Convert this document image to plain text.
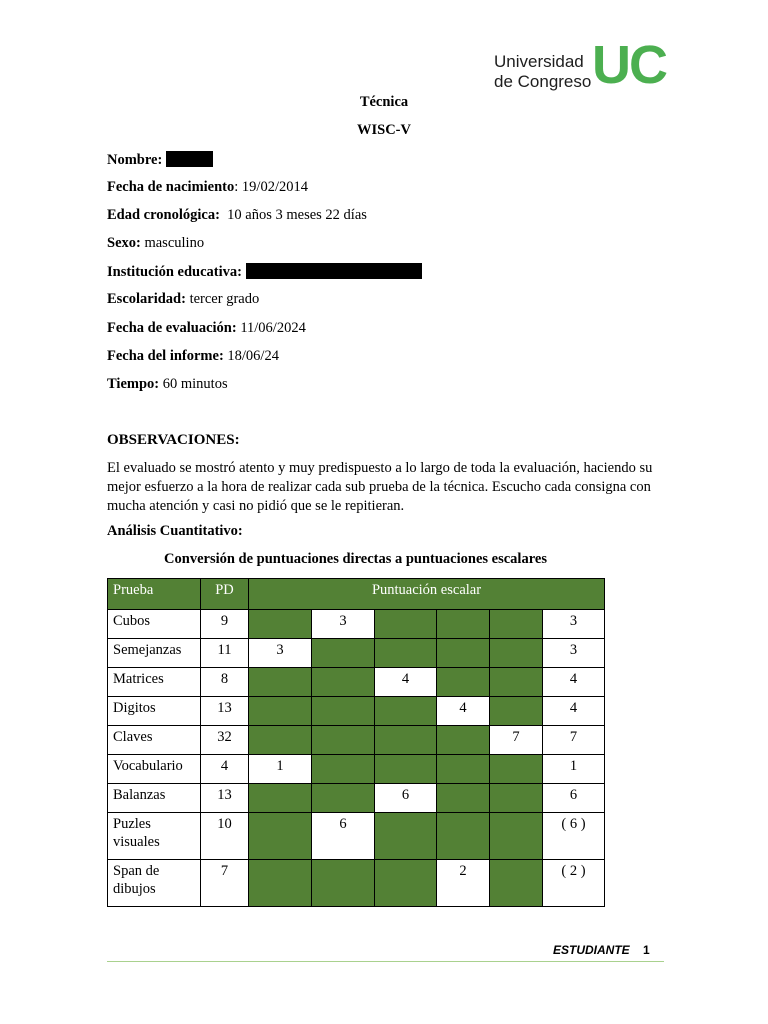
Universidad
de Congreso UC
Técnica
WISC-V
Nombre:
Fecha de nacimiento: 19/02/2014
Edad cronológica: 10 años 3 meses 22 días
Sexo: masculino
Institución educativa:
Escolaridad: tercer grado
Fecha de evaluación: 11/06/2024
Fecha del informe: 18/06/24
Tiempo: 60 minutos
OBSERVACIONES:
El evaluado se mostró atento y muy predispuesto a lo largo de toda la evaluación, haciendo su mejor esfuerzo a la hora de realizar cada sub prueba de la técnica. Escucho cada consigna con mucha atención y casi no pidió que se le repitieran.
Análisis Cuantitativo:
Conversión de puntuaciones directas a puntuaciones escalares
Prueba	PD	Puntuación escalar					
Cubos	9		3				3
Semejanzas	11	3					3
Matrices	8			4			4
Digitos	13				4		4
Claves	32					7	7
Vocabulario	4	1					1
Balanzas	13			6			6
Puzles visuales	10		6				( 6 )
Span de dibujos	7				2		( 2 )
ESTUDIANTE 1
